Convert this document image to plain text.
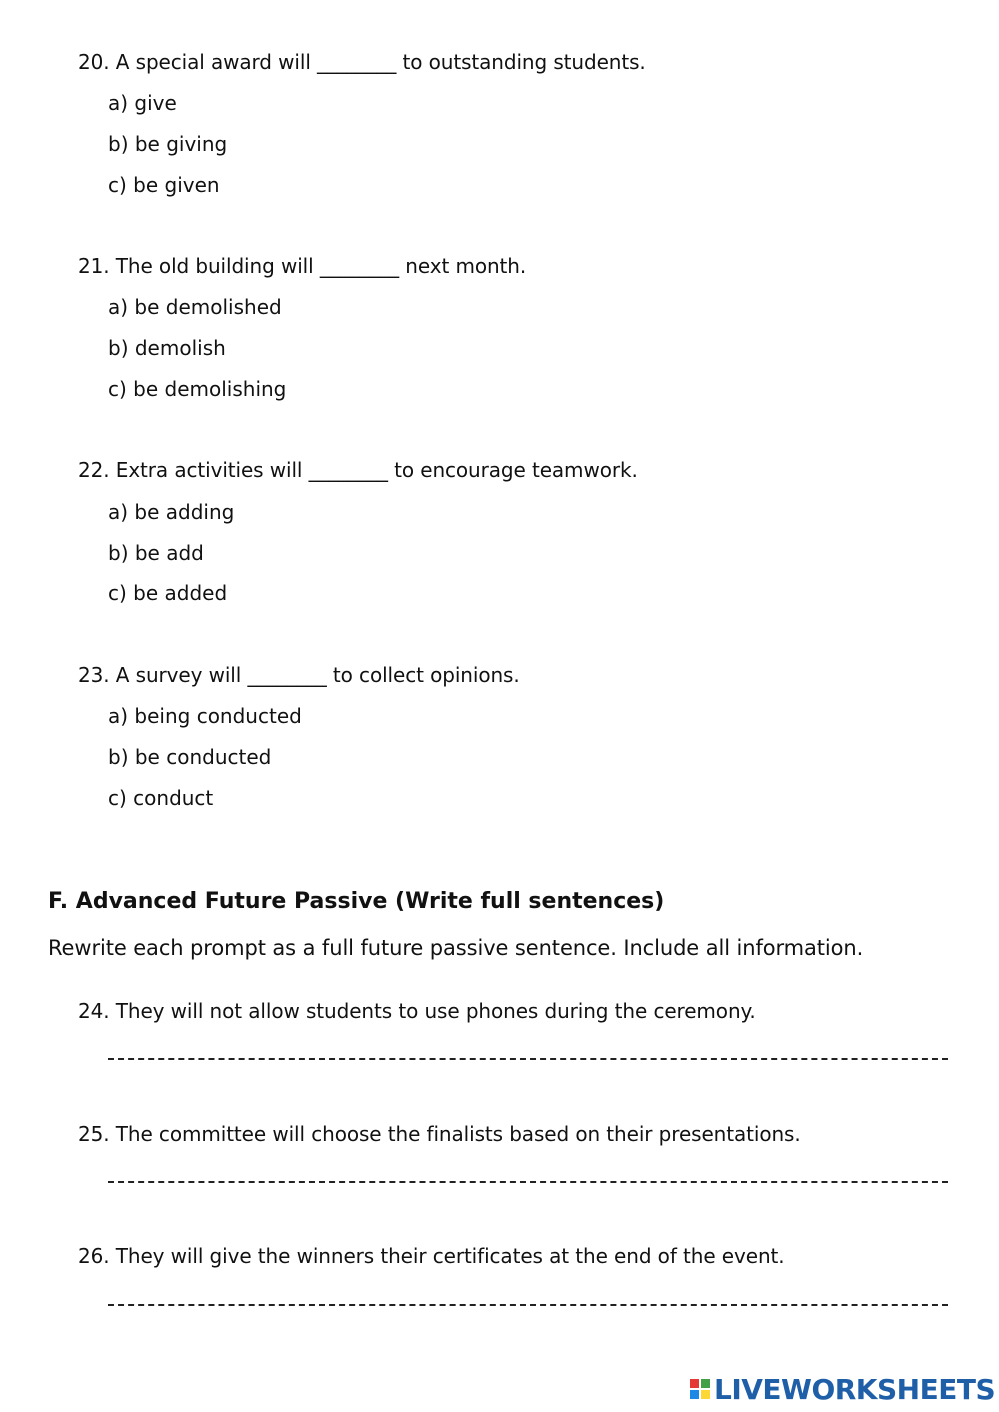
20. A special award will ________ to outstanding students.
a) give
b) be giving
c) be given
21. The old building will ________ next month.
a) be demolished
b) demolish
c) be demolishing
22. Extra activities will ________ to encourage teamwork.
a) be adding
b) be add
c) be added
23. A survey will ________ to collect opinions.
a) being conducted
b) be conducted
c) conduct
F. Advanced Future Passive (Write full sentences)
Rewrite each prompt as a full future passive sentence. Include all information.
24. They will not allow students to use phones during the ceremony.
25. The committee will choose the finalists based on their presentations.
26. They will give the winners their certificates at the end of the event.
LIVEWORKSHEETS
